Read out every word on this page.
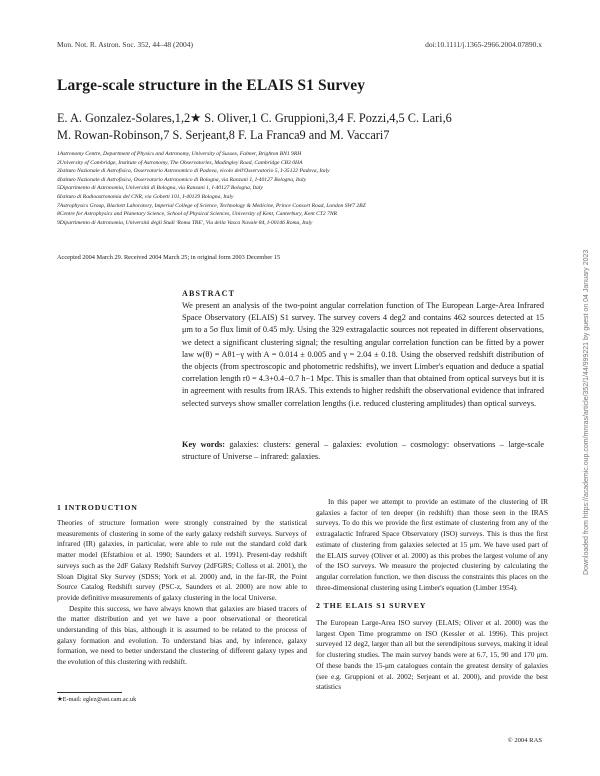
Mon. Not. R. Astron. Soc. 352, 44–48 (2004)	doi:10.1111/j.1365-2966.2004.07890.x
Large-scale structure in the ELAIS S1 Survey
E. A. Gonzalez-Solares,1,2★ S. Oliver,1 C. Gruppioni,3,4 F. Pozzi,4,5 C. Lari,6
M. Rowan-Robinson,7 S. Serjeant,8 F. La Franca9 and M. Vaccari7
1Astronomy Centre, Department of Physics and Astronomy, University of Sussex, Falmer, Brighton BN1 9RH
2University of Cambridge, Institute of Astronomy, The Observatories, Madingley Road, Cambridge CB3 0HA
3Istituto Nazionale di Astrofisica, Osservatorio Astronomico di Padova, vicolo dell'Osservatorio 5, I-35122 Padova, Italy
4Istituto Nazionale di Astrofisica, Osservatorio Astronomico di Bologna, via Ranzani 1, I-40127 Bologna, Italy
5Dipartimento di Astronomia, Università di Bologna, via Ranzani 1, I-40127 Bologna, Italy
6Istituto di Radioastronomia del CNR, via Gobetti 101, I-40129 Bologna, Italy
7Astrophysics Group, Blackett Laboratory, Imperial College of Science, Technology & Medicine, Prince Consort Road, London SW7 2BZ
8Centre for Astrophysics and Planetary Science, School of Physical Sciences, University of Kent, Canterbury, Kent CT2 7NR
9Dipartimento di Astronomia, Università degli Studi 'Roma TRE', Via della Vasca Navale 84, I-00146 Roma, Italy
Accepted 2004 March 29. Received 2004 March 25; in original form 2003 December 15
ABSTRACT
We present an analysis of the two-point angular correlation function of The European Large-Area Infrared Space Observatory (ELAIS) S1 survey. The survey covers 4 deg2 and contains 462 sources detected at 15 μm to a 5σ flux limit of 0.45 mJy. Using the 329 extragalactic sources not repeated in different observations, we detect a significant clustering signal; the resulting angular correlation function can be fitted by a power law w(θ) = Aθ1−γ with A = 0.014 ± 0.005 and γ = 2.04 ± 0.18. Using the observed redshift distribution of the objects (from spectroscopic and photometric redshifts), we invert Limber's equation and deduce a spatial correlation length r0 = 4.3+0.4−0.7 h−1 Mpc. This is smaller than that obtained from optical surveys but it is in agreement with results from IRAS. This extends to higher redshift the observational evidence that infrared selected surveys show smaller correlation lengths (i.e. reduced clustering amplitudes) than optical surveys.
Key words: galaxies: clusters: general – galaxies: evolution – cosmology: observations – large-scale structure of Universe – infrared: galaxies.
1 INTRODUCTION

Theories of structure formation were strongly constrained by the statistical measurements of clustering in some of the early galaxy redshift surveys. Surveys of infrared (IR) galaxies, in particular, were able to rule out the standard cold dark matter model (Efstathiou et al. 1990; Saunders et al. 1991). Present-day redshift surveys such as the 2dF Galaxy Redshift Survey (2dFGRS; Colless et al. 2001), the Sloan Digital Sky Survey (SDSS; York et al. 2000) and, in the far-IR, the Point Source Catalog Redshift survey (PSC-z, Saunders et al. 2000) are now able to provide definitive measurements of galaxy clustering in the local Universe.

Despite this success, we have always known that galaxies are biased tracers of the matter distribution and yet we have a poor observational or theoretical understanding of this bias, although it is assumed to be related to the process of galaxy formation and evolution. To understand bias and, by inference, galaxy formation, we need to better understand the clustering of different galaxy types and the evolution of this clustering with redshift.

In this paper we attempt to provide an estimate of the clustering of IR galaxies a factor of ten deeper (in redshift) than those seen in the IRAS surveys. To do this we provide the first estimate of clustering from any of the extragalactic Infrared Space Observatory (ISO) surveys. This is thus the first estimate of clustering from galaxies selected at 15 μm. We have used part of the ELAIS survey (Oliver et al. 2000) as this probes the largest volume of any of the ISO surveys. We measure the projected clustering by calculating the angular correlation function, we then discuss the constraints this places on the three-dimensional clustering using Limber's equation (Limber 1954).

2 THE ELAIS S1 SURVEY

The European Large-Area ISO survey (ELAIS; Oliver et al. 2000) was the largest Open Time programme on ISO (Kessler et al. 1996). This project surveyed 12 deg2, larger than all but the serendipitous surveys, making it ideal for clustering studies. The main survey bands were at 6.7, 15, 90 and 170 μm. Of these bands the 15-μm catalogues contain the greatest density of galaxies (see e.g. Gruppioni et al. 2002; Serjeant et al. 2000), and provide the best statistics

★E-mail: eglez@ast.cam.ac.uk
© 2004 RAS
Downloaded from https://academic.oup.com/mnras/article/352/1/44/999221 by guest on 04 January 2023
